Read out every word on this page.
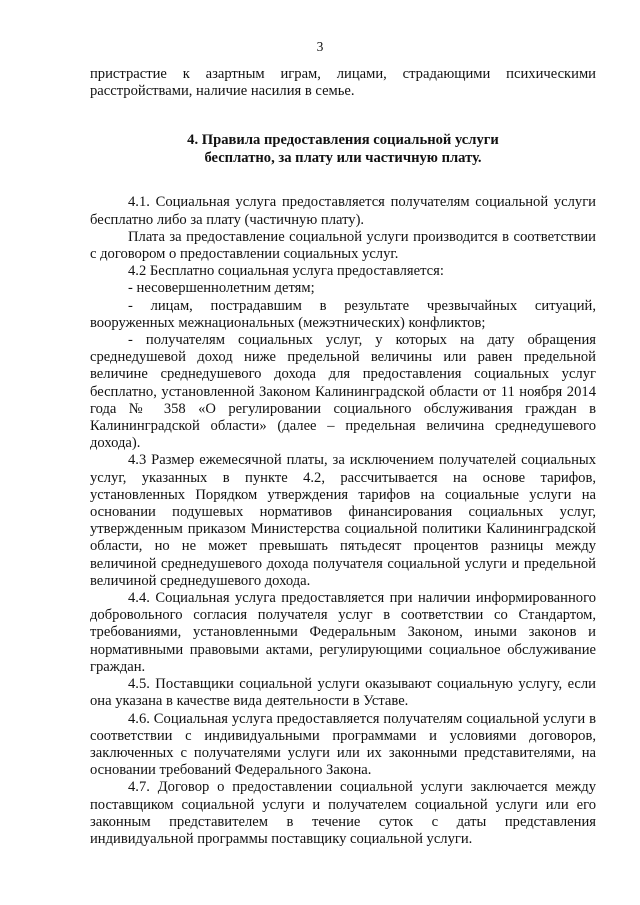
3

пристрастие к азартным играм, лицами, страдающими психическими расстройствами, наличие насилия в семье.

4. Правила предоставления социальной услуги
бесплатно, за плату или частичную плату.

4.1. Социальная услуга предоставляется получателям социальной услуги бесплатно либо за плату (частичную плату).

Плата за предоставление социальной услуги производится в соответствии с договором о предоставлении социальных услуг.

4.2 Бесплатно социальная услуга предоставляется:

- несовершеннолетним детям;

- лицам, пострадавшим в результате чрезвычайных ситуаций, вооруженных межнациональных (межэтнических) конфликтов;

- получателям социальных услуг, у которых на дату обращения среднедушевой доход ниже предельной величины или равен предельной величине среднедушевого дохода для предоставления социальных услуг бесплатно, установленной Законом Калининградской области от 11 ноября 2014 года № 358 «О регулировании социального обслуживания граждан в Калининградской области» (далее – предельная величина среднедушевого дохода).

4.3 Размер ежемесячной платы, за исключением получателей социальных услуг, указанных в пункте 4.2, рассчитывается на основе тарифов, установленных Порядком утверждения тарифов на социальные услуги на основании подушевых нормативов финансирования социальных услуг, утвержденным приказом Министерства социальной политики Калининградской области, но не может превышать пятьдесят процентов разницы между величиной среднедушевого дохода получателя социальной услуги и предельной величиной среднедушевого дохода.

4.4. Социальная услуга предоставляется при наличии информированного добровольного согласия получателя услуг в соответствии со Стандартом, требованиями, установленными Федеральным Законом, иными законов и нормативными правовыми актами, регулирующими социальное обслуживание граждан.

4.5. Поставщики социальной услуги оказывают социальную услугу, если она указана в качестве вида деятельности в Уставе.

4.6. Социальная услуга предоставляется получателям социальной услуги в соответствии с индивидуальными программами и условиями договоров, заключенных с получателями услуги или их законными представителями, на основании требований Федерального Закона.

4.7. Договор о предоставлении социальной услуги заключается между поставщиком социальной услуги и получателем социальной услуги или его законным представителем в течение суток с даты представления индивидуальной программы поставщику социальной услуги.
